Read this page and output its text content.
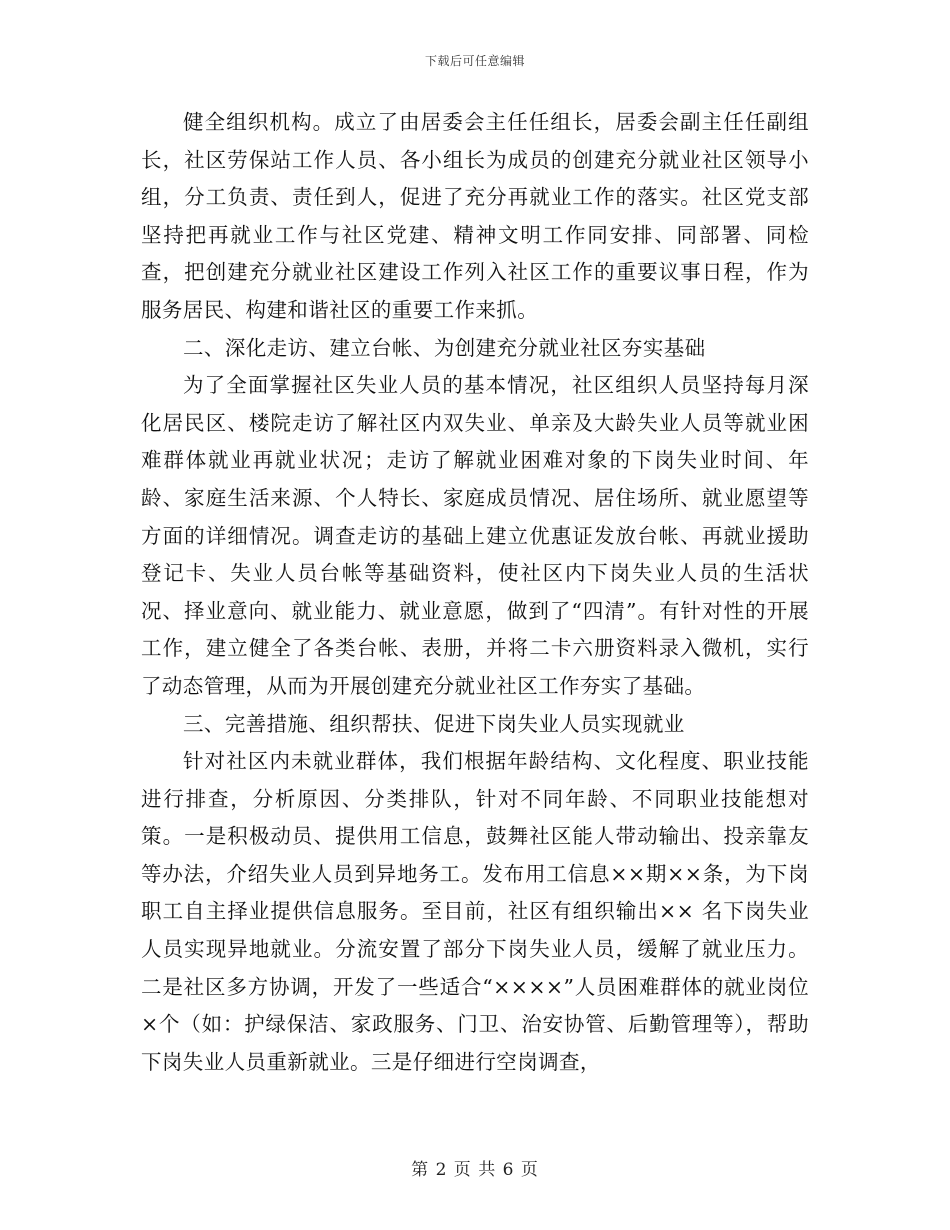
下载后可任意编辑

健全组织机构。成立了由居委会主任任组长，居委会副主任任副组长，社区劳保站工作人员、各小组长为成员的创建充分就业社区领导小组，分工负责、责任到人，促进了充分再就业工作的落实。社区党支部坚持把再就业工作与社区党建、精神文明工作同安排、同部署、同检查，把创建充分就业社区建设工作列入社区工作的重要议事日程，作为服务居民、构建和谐社区的重要工作来抓。

二、深化走访、建立台帐、为创建充分就业社区夯实基础

为了全面掌握社区失业人员的基本情况，社区组织人员坚持每月深化居民区、楼院走访了解社区内双失业、单亲及大龄失业人员等就业困难群体就业再就业状况；走访了解就业困难对象的下岗失业时间、年龄、家庭生活来源、个人特长、家庭成员情况、居住场所、就业愿望等方面的详细情况。调查走访的基础上建立优惠证发放台帐、再就业援助登记卡、失业人员台帐等基础资料，使社区内下岗失业人员的生活状况、择业意向、就业能力、就业意愿，做到了“四清”。有针对性的开展工作，建立健全了各类台帐、表册，并将二卡六册资料录入微机，实行了动态管理，从而为开展创建充分就业社区工作夯实了基础。

三、完善措施、组织帮扶、促进下岗失业人员实现就业

针对社区内未就业群体，我们根据年龄结构、文化程度、职业技能进行排查，分析原因、分类排队，针对不同年龄、不同职业技能想对策。一是积极动员、提供用工信息，鼓舞社区能人带动输出、投亲靠友等办法，介绍失业人员到异地务工。发布用工信息××期××条，为下岗职工自主择业提供信息服务。至目前，社区有组织输出×× 名下岗失业人员实现异地就业。分流安置了部分下岗失业人员，缓解了就业压力。二是社区多方协调，开发了一些适合“××××”人员困难群体的就业岗位×个（如：护绿保洁、家政服务、门卫、治安协管、后勤管理等），帮助下岗失业人员重新就业。三是仔细进行空岗调查，

第 2 页 共 6 页
